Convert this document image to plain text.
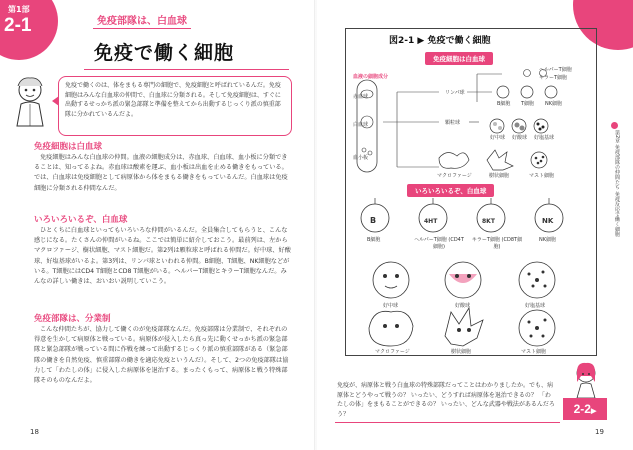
第1部
2-1	免疫部隊は、白血球
免疫で働く細胞
免疫で働くのは、体をまもる専門の細胞で、免疫細胞と呼ばれているんだ。免疫細胞はみんな白血球の仲間で、白血球に分類される。そして免疫細胞は、すぐに出動するせっかち派の緊急部隊と準備を整えてから出動するじっくり派の慎重部隊に分かれているんだよ。
免疫細胞は白血球
免疫細胞はみんな白血球の仲間。血液の細胞成分は、赤血球、白血球、血小板に分類できることは、知ってるよね。赤血球は酸素を運ぶ、血小板は出血を止める働きをもっている。では、白血球は免疫細胞として病原体から体をまもる働きをもっているんだ。白血球は免疫細胞に分類される仲間なんだ。
いろいろいるぞ、白血球
ひとくちに白血球といってもいろいろな仲間がいるんだ。全員集合してもらうと、こんな感じになる。たくさんの仲間がいるね。ここでは簡単に紹介しておこう。最前列は、左からマクロファージ、樹状細胞、マスト細胞だ。第2列は顆粒球と呼ばれる仲間だ。好中球、好酸球、好塩基球がいるよ。第3列は、リンパ球といわれる仲間。B細胞、T細胞、NK細胞などがいる。T細胞にはCD4 T細胞とCD8 T細胞がいる。ヘルパーT細胞とキラーT細胞なんだ。みんなの詳しい働きは、おいおい説明していこう。
免疫部隊は、分業制
こんな仲間たちが、協力して働くのが免疫部隊なんだ。免疫部隊は分業制で、それぞれの得意を生かして病原体と戦っている。病原体が侵入したら真っ先に動くせっかち派の緊急部隊と緊急部隊が戦っている間に作戦を練って出動するじっくり派の慎重部隊がある（緊急部隊の働きを自然免疫、慎重部隊の働きを適応免疫というんだ）。そして、2つの免疫部隊は協力して「わたしの体」に侵入した病原体を退治する。まったくもって、病原体と戦う特殊部隊そのものなんだよ。
18
図2-1 ▶ 免疫で働く細胞
免疫細胞は白血球
血液の細胞成分
赤血球
白血球
血小板
リンパ球
顆粒球
ヘルパーT細胞
キラーT細胞
B細胞 T細胞 NK細胞
好中球 好酸球 好塩基球
マクロファージ	樹状細胞	マスト細胞
いろいろいるぞ、白血球
B	4HT	8KT	NK
B細胞	ヘルパーT細胞 (CD4T細胞)
キラーT細胞 (CD8T細胞)
NK細胞
好中球	好酸球	好塩基球
マクロファージ	樹状細胞	マスト細胞
第2章 免疫部隊の仲間たち 免疫反応で働く細胞
免疫が、病原体と戦う白血球の特殊部隊だってことはわかりましたか。でも、病原体とどうやって戦うの？ いったい、どうすれば病原体を退治できるの？ 「わたしの体」をまもることができるの？ いったい、どんな武器や戦法があるんだろう？	2-2▶
19
